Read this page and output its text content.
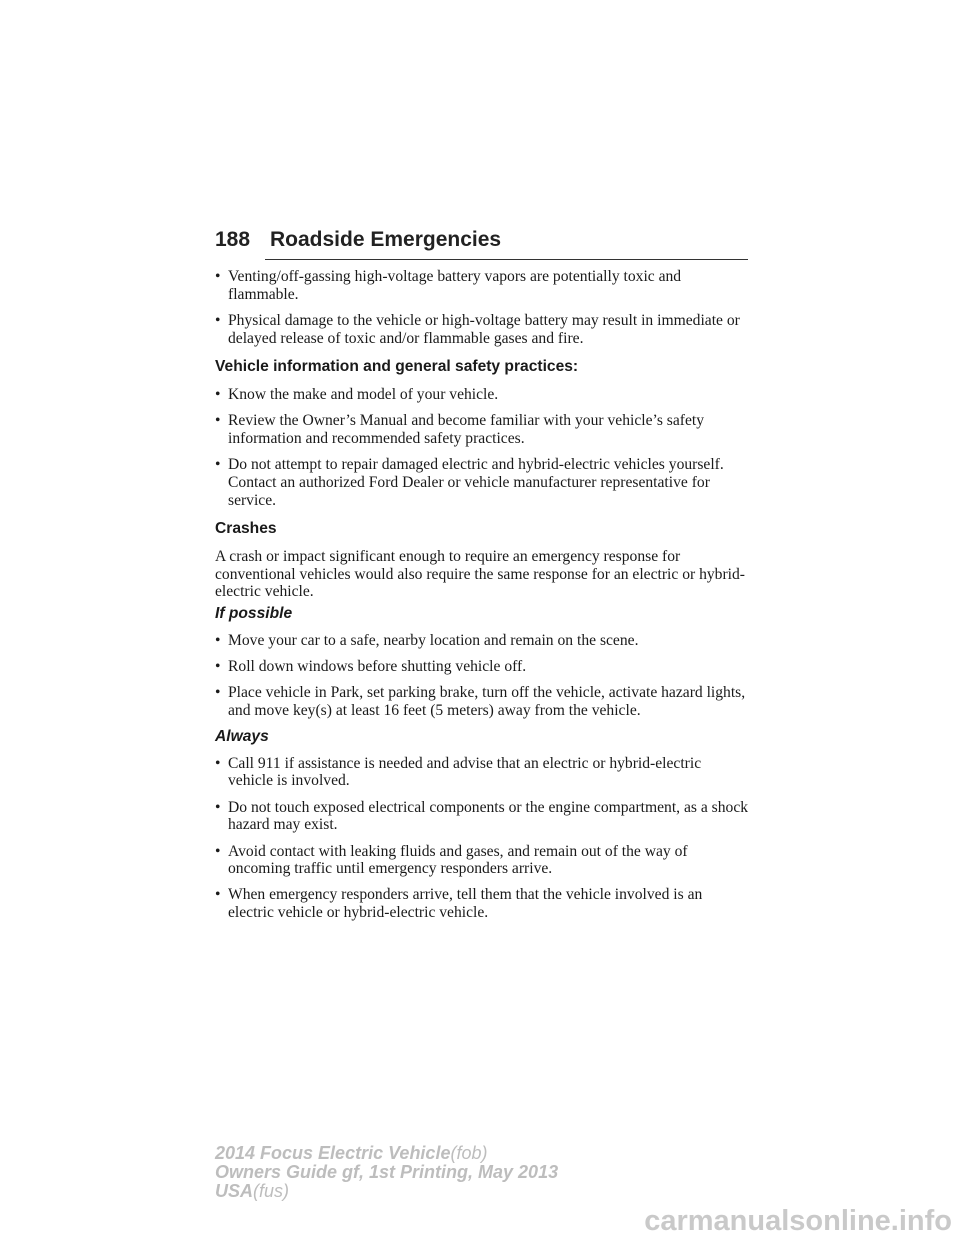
188 Roadside Emergencies
• Venting/off-gassing high-voltage battery vapors are potentially toxic and flammable.
• Physical damage to the vehicle or high-voltage battery may result in immediate or delayed release of toxic and/or flammable gases and fire.
Vehicle information and general safety practices:
• Know the make and model of your vehicle.
• Review the Owner’s Manual and become familiar with your vehicle’s safety information and recommended safety practices.
• Do not attempt to repair damaged electric and hybrid-electric vehicles yourself. Contact an authorized Ford Dealer or vehicle manufacturer representative for service.
Crashes
A crash or impact significant enough to require an emergency response for conventional vehicles would also require the same response for an electric or hybrid-electric vehicle.
If possible
• Move your car to a safe, nearby location and remain on the scene.
• Roll down windows before shutting vehicle off.
• Place vehicle in Park, set parking brake, turn off the vehicle, activate hazard lights, and move key(s) at least 16 feet (5 meters) away from the vehicle.
Always
• Call 911 if assistance is needed and advise that an electric or hybrid-electric vehicle is involved.
• Do not touch exposed electrical components or the engine compartment, as a shock hazard may exist.
• Avoid contact with leaking fluids and gases, and remain out of the way of oncoming traffic until emergency responders arrive.
• When emergency responders arrive, tell them that the vehicle involved is an electric vehicle or hybrid-electric vehicle.
2014 Focus Electric Vehicle(fob)
Owners Guide gf, 1st Printing, May 2013
USA(fus)
carmanualsonline.info
